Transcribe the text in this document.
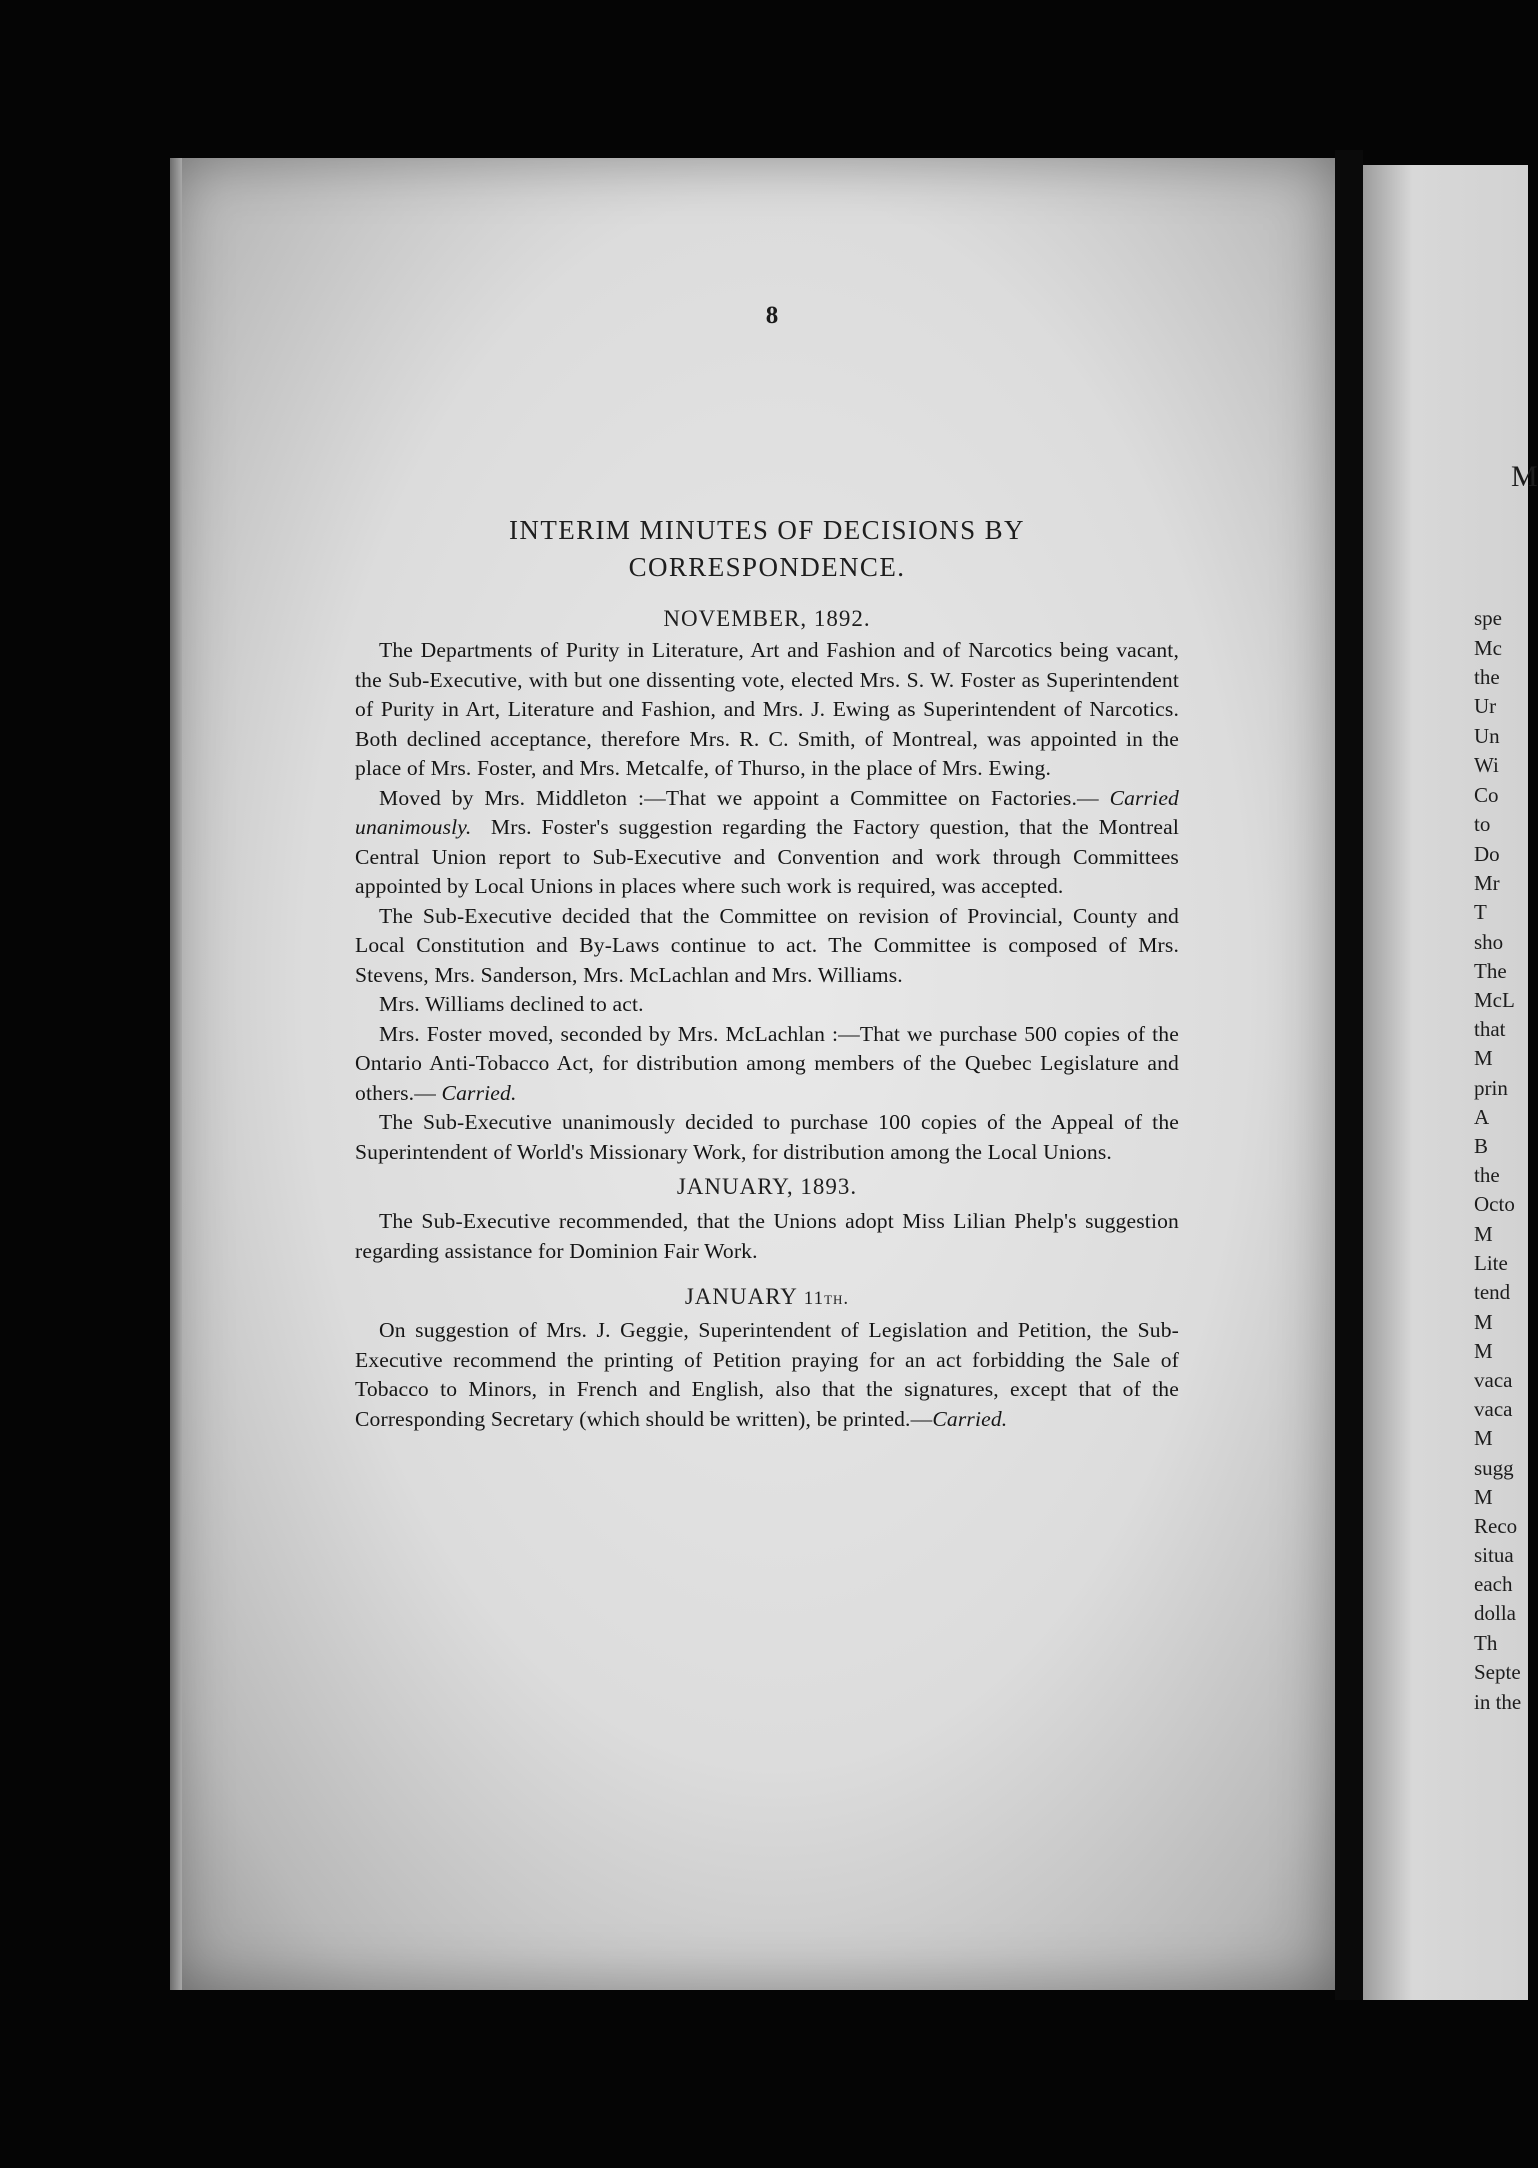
8
INTERIM MINUTES OF DECISIONS BY
CORRESPONDENCE.
NOVEMBER, 1892.

The Departments of Purity in Literature, Art and Fashion and of Narcotics being vacant, the Sub-Executive, with but one dissenting vote, elected Mrs. S. W. Foster as Superintendent of Purity in Art, Literature and Fashion, and Mrs. J. Ewing as Superintendent of Narcotics. Both declined acceptance, therefore Mrs. R. C. Smith, of Montreal, was appointed in the place of Mrs. Foster, and Mrs. Metcalfe, of Thurso, in the place of Mrs. Ewing.

Moved by Mrs. Middleton :—That we appoint a Committee on Factories.— Carried unanimously. Mrs. Foster's suggestion regarding the Factory question, that the Montreal Central Union report to Sub-Executive and Convention and work through Committees appointed by Local Unions in places where such work is required, was accepted.

The Sub-Executive decided that the Committee on revision of Provincial, County and Local Constitution and By-Laws continue to act. The Committee is composed of Mrs. Stevens, Mrs. Sanderson, Mrs. McLachlan and Mrs. Williams.

Mrs. Williams declined to act.

Mrs. Foster moved, seconded by Mrs. McLachlan :—That we purchase 500 copies of the Ontario Anti-Tobacco Act, for distribution among members of the Quebec Legislature and others.— Carried.

The Sub-Executive unanimously decided to purchase 100 copies of the Appeal of the Superintendent of World's Missionary Work, for distribution among the Local Unions.

JANUARY, 1893.

The Sub-Executive recommended, that the Unions adopt Miss Lilian Phelp's suggestion regarding assistance for Dominion Fair Work.

JANUARY 11th.

On suggestion of Mrs. J. Geggie, Superintendent of Legislation and Petition, the Sub-Executive recommend the printing of Petition praying for an act forbidding the Sale of Tobacco to Minors, in French and English, also that the signatures, except that of the Corresponding Secretary (which should be written), be printed.—Carried.

M
spe
Mc
the
Ur
Un
Wi
Co
to
Do
Mr
T
sho
The
McL
that
M
prin
A
B
the
Octo
M
Lite
tend
M
M
vaca
vaca
M
sugg
M
Reco
situa
each
dolla
Th
Septe
in the
